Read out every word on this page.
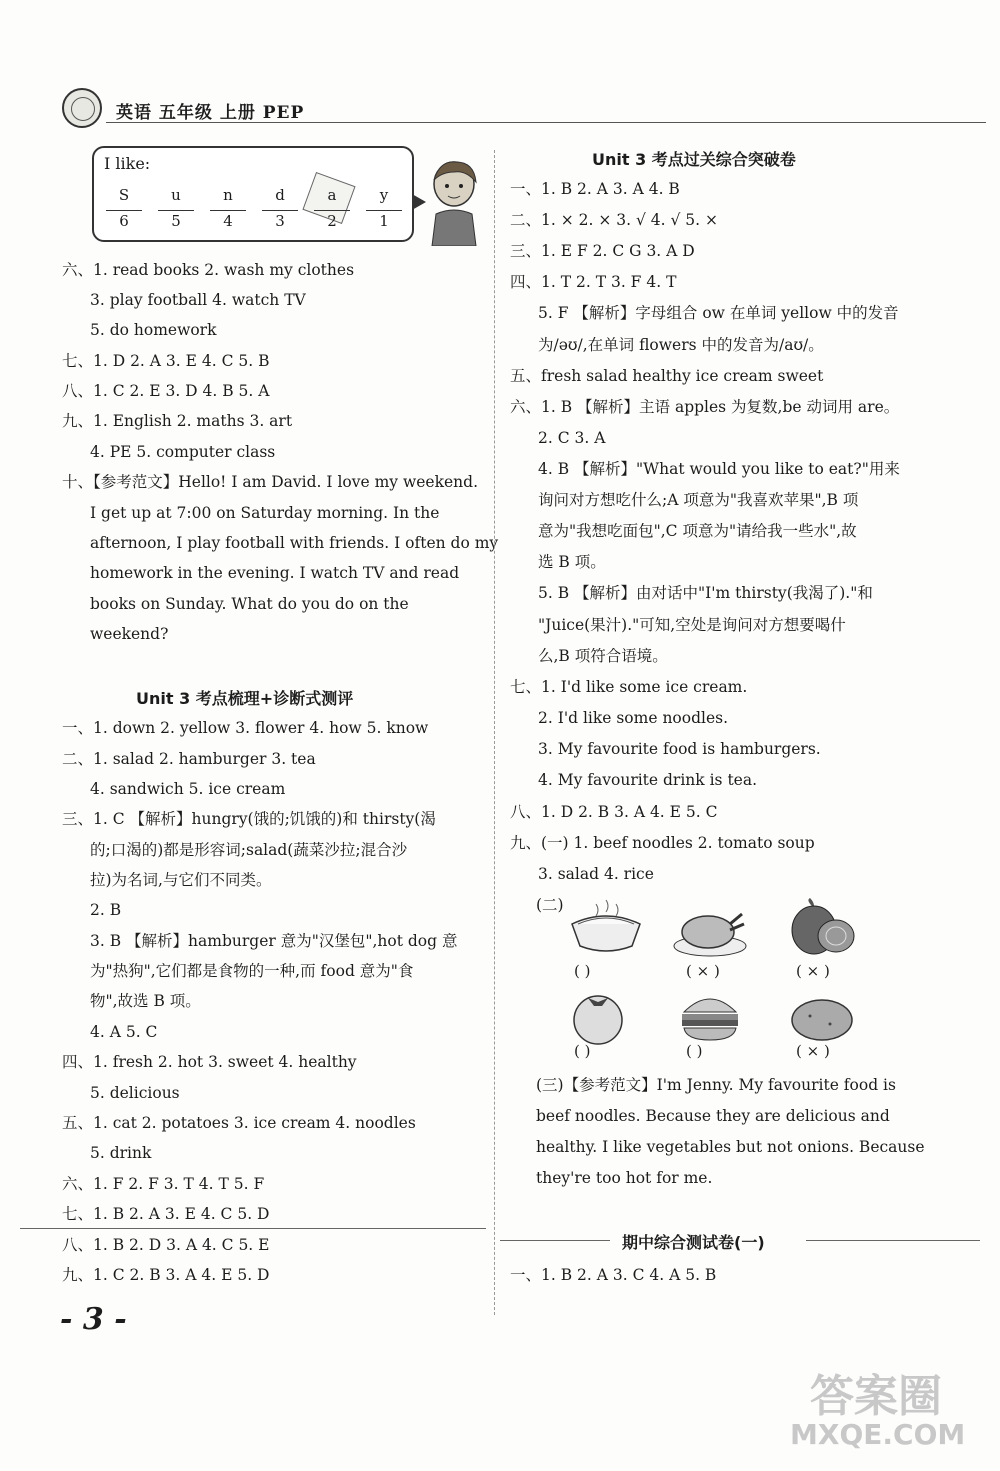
英语 五年级 上册 PEP
I like:
S	u	n	d	a	y
6	5	4	3	2	1
六、1. read books 2. wash my clothes
3. play football 4. watch TV
5. do homework
七、1. D 2. A 3. E 4. C 5. B
八、1. C 2. E 3. D 4. B 5. A
九、1. English 2. maths 3. art
4. PE 5. computer class
十、【参考范文】Hello! I am David. I love my weekend.
I get up at 7:00 on Saturday morning. In the
afternoon, I play football with friends. I often do my
homework in the evening. I watch TV and read
books on Sunday. What do you do on the
weekend?
Unit 3 考点梳理+诊断式测评
一、1. down 2. yellow 3. flower 4. how 5. know
二、1. salad 2. hamburger 3. tea
4. sandwich 5. ice cream
三、1. C 【解析】hungry(饿的;饥饿的)和 thirsty(渴
的;口渴的)都是形容词;salad(蔬菜沙拉;混合沙
拉)为名词,与它们不同类。
2. B
3. B 【解析】hamburger 意为"汉堡包",hot dog 意
为"热狗",它们都是食物的一种,而 food 意为"食
物",故选 B 项。
4. A 5. C
四、1. fresh 2. hot 3. sweet 4. healthy
5. delicious
五、1. cat 2. potatoes 3. ice cream 4. noodles
5. drink
六、1. F 2. F 3. T 4. T 5. F
七、1. B 2. A 3. E 4. C 5. D
八、1. B 2. D 3. A 4. C 5. E
九、1. C 2. B 3. A 4. E 5. D
Unit 3 考点过关综合突破卷
一、1. B 2. A 3. A 4. B
二、1. × 2. × 3. √ 4. √ 5. ×
三、1. E F 2. C G 3. A D
四、1. T 2. T 3. F 4. T
5. F 【解析】字母组合 ow 在单词 yellow 中的发音
为/əʊ/,在单词 flowers 中的发音为/aʊ/。
五、fresh salad healthy ice cream sweet
六、1. B 【解析】主语 apples 为复数,be 动词用 are。
2. C 3. A
4. B 【解析】"What would you like to eat?"用来
询问对方想吃什么;A 项意为"我喜欢苹果",B 项
意为"我想吃面包",C 项意为"请给我一些水",故
选 B 项。
5. B 【解析】由对话中"I'm thirsty(我渴了)."和
"Juice(果汁)."可知,空处是询问对方想要喝什
么,B 项符合语境。
七、1. I'd like some ice cream.
2. I'd like some noodles.
3. My favourite food is hamburgers.
4. My favourite drink is tea.
八、1. D 2. B 3. A 4. E 5. C
九、(一) 1. beef noodles 2. tomato soup
3. salad 4. rice
(二)
( )	( × )	( × )
( )	( )	( × )
(三)【参考范文】I'm Jenny. My favourite food is
beef noodles. Because they are delicious and
healthy. I like vegetables but not onions. Because
they're too hot for me.
期中综合测试卷(一)
一、1. B 2. A 3. C 4. A 5. B
- 3 -
答案圈
MXQE.COM
